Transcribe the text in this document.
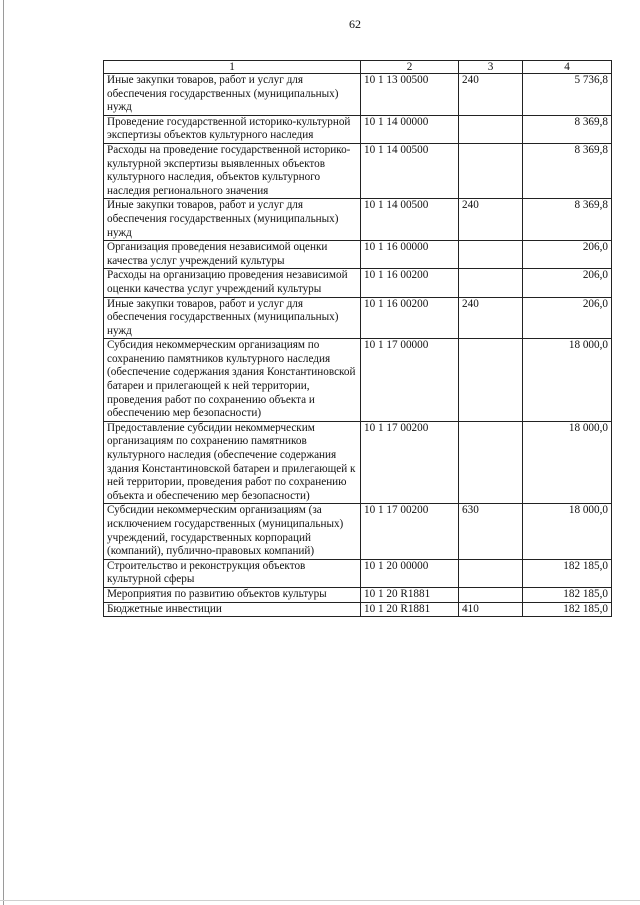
62
1	2	3	4
Иные закупки товаров, работ и услуг для обеспечения государственных (муниципальных) нужд	10 1 13 00500	240	5 736,8
Проведение государственной историко-культурной экспертизы объектов культурного наследия	10 1 14 00000		8 369,8
Расходы на проведение государственной историко-культурной экспертизы выявленных объектов культурного наследия, объектов культурного наследия регионального значения	10 1 14 00500		8 369,8
Иные закупки товаров, работ и услуг для обеспечения государственных (муниципальных) нужд	10 1 14 00500	240	8 369,8
Организация проведения независимой оценки качества услуг учреждений культуры	10 1 16 00000		206,0
Расходы на организацию проведения независимой оценки качества услуг учреждений культуры	10 1 16 00200		206,0
Иные закупки товаров, работ и услуг для обеспечения государственных (муниципальных) нужд	10 1 16 00200	240	206,0
Субсидия некоммерческим организациям по сохранению памятников культурного наследия (обеспечение содержания здания Константиновской батареи и прилегающей к ней территории, проведения работ по сохранению объекта и обеспечению мер безопасности)	10 1 17 00000		18 000,0
Предоставление субсидии некоммерческим организациям по сохранению памятников культурного наследия (обеспечение содержания здания Константиновской батареи и прилегающей к ней территории, проведения работ по сохранению объекта и обеспечению мер безопасности)	10 1 17 00200		18 000,0
Субсидии некоммерческим организациям (за исключением государственных (муниципальных) учреждений, государственных корпораций (компаний), публично-правовых компаний)	10 1 17 00200	630	18 000,0
Строительство и реконструкция объектов культурной сферы	10 1 20 00000		182 185,0
Мероприятия по развитию объектов культуры	10 1 20 R1881		182 185,0
Бюджетные инвестиции	10 1 20 R1881	410	182 185,0
